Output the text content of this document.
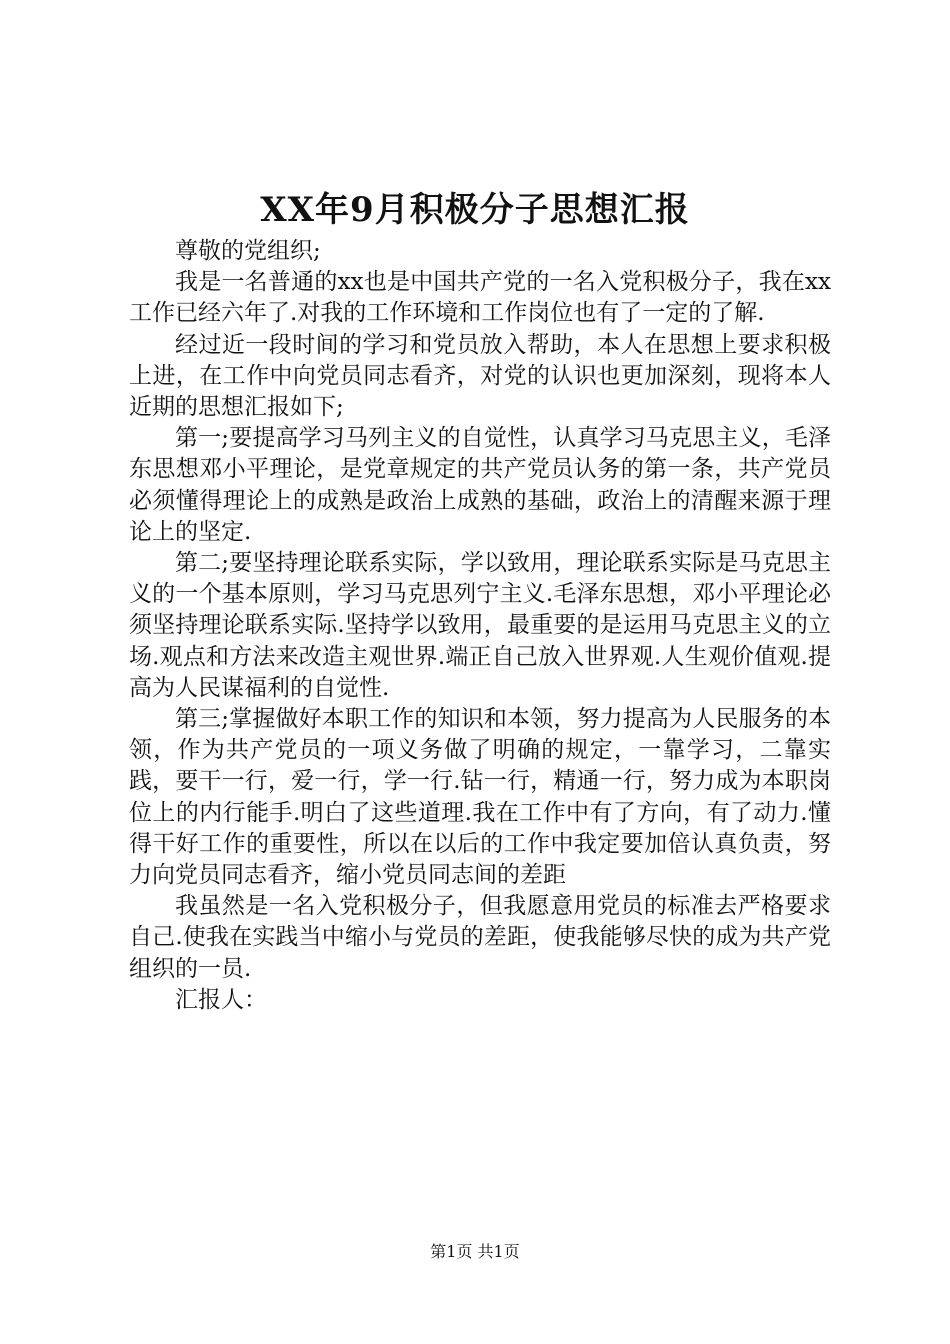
XX年9月积极分子思想汇报

尊敬的党组织;

我是一名普通的xx也是中国共产党的一名入党积极分子，我在xx工作已经六年了.对我的工作环境和工作岗位也有了一定的了解.

经过近一段时间的学习和党员放入帮助，本人在思想上要求积极上进，在工作中向党员同志看齐，对党的认识也更加深刻，现将本人近期的思想汇报如下;

第一;要提高学习马列主义的自觉性，认真学习马克思主义，毛泽东思想邓小平理论，是党章规定的共产党员认务的第一条，共产党员必须懂得理论上的成熟是政治上成熟的基础，政治上的清醒来源于理论上的坚定.

第二;要坚持理论联系实际，学以致用，理论联系实际是马克思主义的一个基本原则，学习马克思列宁主义.毛泽东思想，邓小平理论必须坚持理论联系实际.坚持学以致用，最重要的是运用马克思主义的立场.观点和方法来改造主观世界.端正自己放入世界观.人生观价值观.提高为人民谋福利的自觉性.

第三;掌握做好本职工作的知识和本领，努力提高为人民服务的本领，作为共产党员的一项义务做了明确的规定，一靠学习，二靠实践，要干一行，爱一行，学一行.钻一行，精通一行，努力成为本职岗位上的内行能手.明白了这些道理.我在工作中有了方向，有了动力.懂得干好工作的重要性，所以在以后的工作中我定要加倍认真负责，努力向党员同志看齐，缩小党员同志间的差距

我虽然是一名入党积极分子，但我愿意用党员的标准去严格要求自己.使我在实践当中缩小与党员的差距，使我能够尽快的成为共产党组织的一员.

汇报人：

第1页 共1页
